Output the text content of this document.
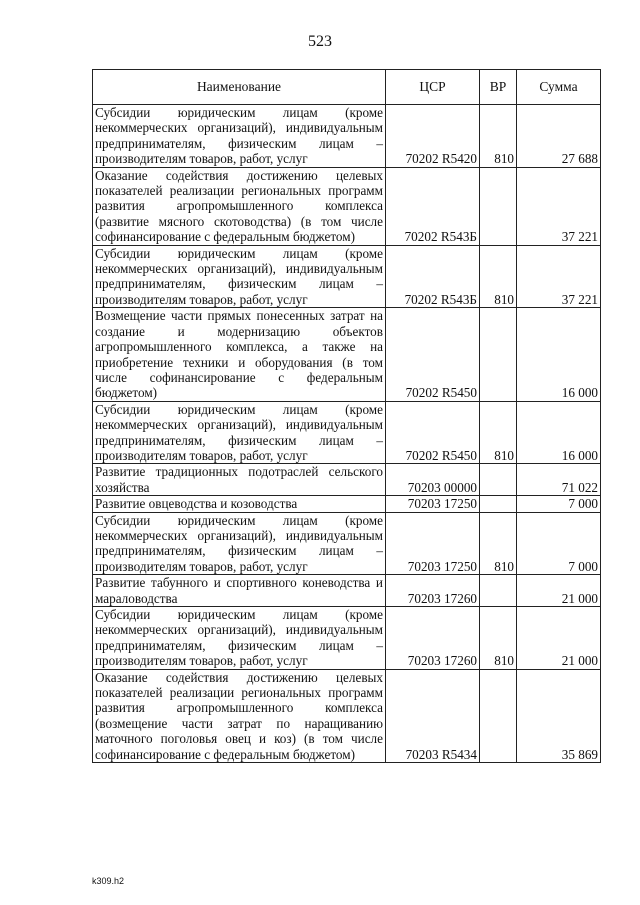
523
Наименование	ЦСР	ВР	Сумма
Субсидии юридическим лицам (кроме некоммерческих организаций), индивидуальным предпринимателям, физическим лицам – производителям товаров, работ, услуг	70202 R5420	810	27 688
Оказание содействия достижению целевых показателей реализации региональных программ развития агропромышленного комплекса (развитие мясного скотоводства) (в том числе софинансирование с федеральным бюджетом)	70202 R543Б		37 221
Субсидии юридическим лицам (кроме некоммерческих организаций), индивидуальным предпринимателям, физическим лицам – производителям товаров, работ, услуг	70202 R543Б	810	37 221
Возмещение части прямых понесенных затрат на создание и модернизацию объектов агропромышленного комплекса, а также на приобретение техники и оборудования (в том числе софинансирование с федеральным бюджетом)	70202 R5450		16 000
Субсидии юридическим лицам (кроме некоммерческих организаций), индивидуальным предпринимателям, физическим лицам – производителям товаров, работ, услуг	70202 R5450	810	16 000
Развитие традиционных подотраслей сельского хозяйства	70203 00000		71 022
Развитие овцеводства и козоводства	70203 17250		7 000
Субсидии юридическим лицам (кроме некоммерческих организаций), индивидуальным предпринимателям, физическим лицам – производителям товаров, работ, услуг	70203 17250	810	7 000
Развитие табунного и спортивного коневодства и мараловодства	70203 17260		21 000
Субсидии юридическим лицам (кроме некоммерческих организаций), индивидуальным предпринимателям, физическим лицам – производителям товаров, работ, услуг	70203 17260	810	21 000
Оказание содействия достижению целевых показателей реализации региональных программ развития агропромышленного комплекса (возмещение части затрат по наращиванию маточного поголовья овец и коз) (в том числе софинансирование с федеральным бюджетом)	70203 R5434		35 869
k309.h2
